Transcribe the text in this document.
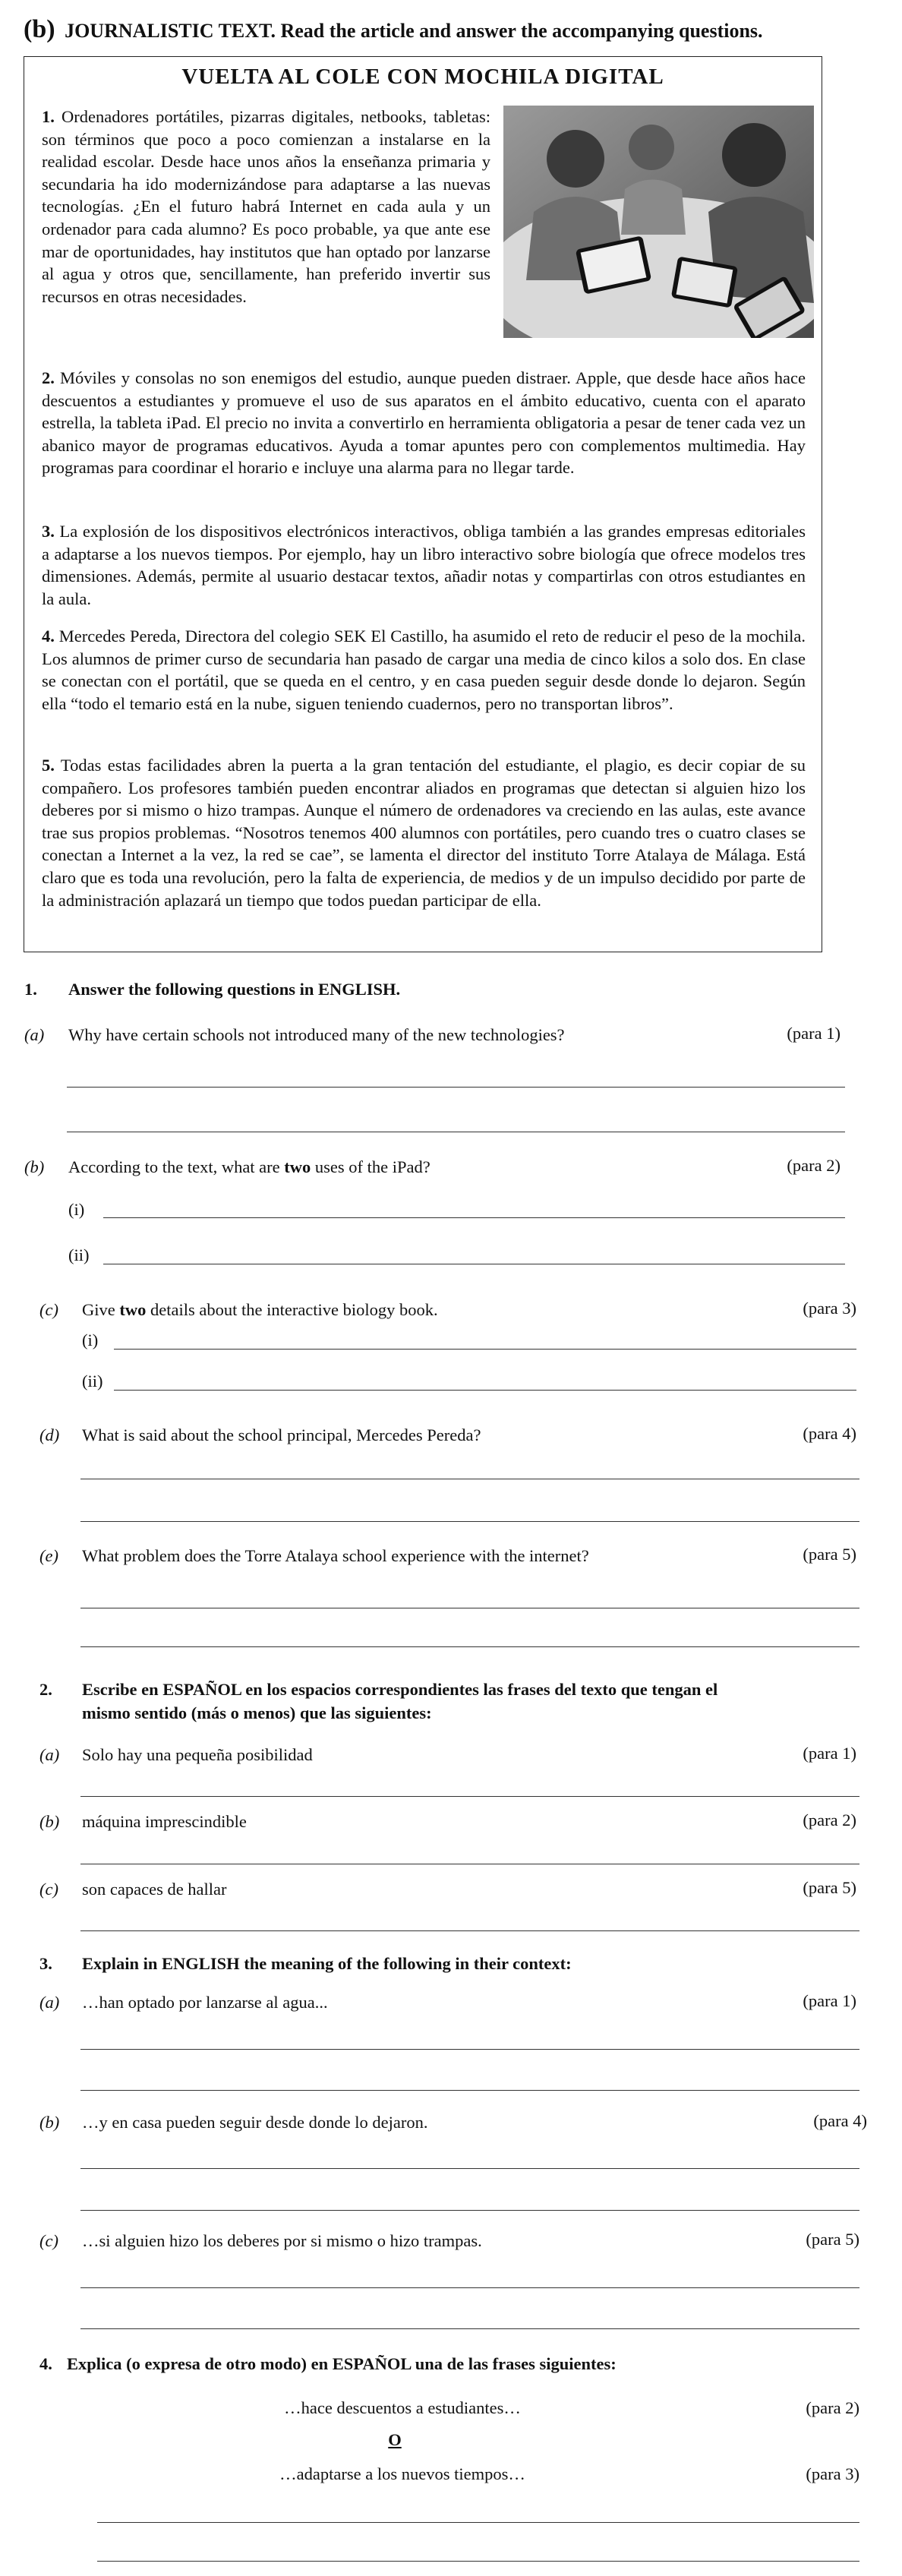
(b) JOURNALISTIC TEXT. Read the article and answer the accompanying questions.
VUELTA AL COLE CON MOCHILA DIGITAL
1. Ordenadores portátiles, pizarras digitales, netbooks, tabletas: son términos que poco a poco comienzan a instalarse en la realidad escolar. Desde hace unos años la enseñanza primaria y secundaria ha ido modernizándose para adaptarse a las nuevas tecnologías. ¿En el futuro habrá Internet en cada aula y un ordenador para cada alumno? Es poco probable, ya que ante ese mar de oportunidades, hay institutos que han optado por lanzarse al agua y otros que, sencillamente, han preferido invertir sus recursos en otras necesidades.
2. Móviles y consolas no son enemigos del estudio, aunque pueden distraer. Apple, que desde hace años hace descuentos a estudiantes y promueve el uso de sus aparatos en el ámbito educativo, cuenta con el aparato estrella, la tableta iPad. El precio no invita a convertirlo en herramienta obligatoria a pesar de tener cada vez un abanico mayor de programas educativos. Ayuda a tomar apuntes pero con complementos multimedia. Hay programas para coordinar el horario e incluye una alarma para no llegar tarde.
3. La explosión de los dispositivos electrónicos interactivos, obliga también a las grandes empresas editoriales a adaptarse a los nuevos tiempos. Por ejemplo, hay un libro interactivo sobre biología que ofrece modelos tres dimensiones. Además, permite al usuario destacar textos, añadir notas y compartirlas con otros estudiantes en la aula.
4. Mercedes Pereda, Directora del colegio SEK El Castillo, ha asumido el reto de reducir el peso de la mochila. Los alumnos de primer curso de secundaria han pasado de cargar una media de cinco kilos a solo dos. En clase se conectan con el portátil, que se queda en el centro, y en casa pueden seguir desde donde lo dejaron. Según ella “todo el temario está en la nube, siguen teniendo cuadernos, pero no transportan libros”.
5. Todas estas facilidades abren la puerta a la gran tentación del estudiante, el plagio, es decir copiar de su compañero. Los profesores también pueden encontrar aliados en programas que detectan si alguien hizo los deberes por si mismo o hizo trampas. Aunque el número de ordenadores va creciendo en las aulas, este avance trae sus propios problemas. “Nosotros tenemos 400 alumnos con portátiles, pero cuando tres o cuatro clases se conectan a Internet a la vez, la red se cae”, se lamenta el director del instituto Torre Atalaya de Málaga. Está claro que es toda una revolución, pero la falta de experiencia, de medios y de un impulso decidido por parte de la administración aplazará un tiempo que todos puedan participar de ella.
1. Answer the following questions in ENGLISH.
(a) Why have certain schools not introduced many of the new technologies?	(para 1)
(b) According to the text, what are two uses of the iPad?	(para 2)
(i)
(ii)
(c) Give two details about the interactive biology book.	(para 3)
(i)
(ii)
(d) What is said about the school principal, Mercedes Pereda?	(para 4)
(e) What problem does the Torre Atalaya school experience with the internet?	(para 5)
2. Escribe en ESPAÑOL en los espacios correspondientes las frases del texto que tengan el
mismo sentido (más o menos) que las siguientes:
(a) Solo hay una pequeña posibilidad	(para 1)
(b) máquina imprescindible	(para 2)
(c) son capaces de hallar	(para 5)
3. Explain in ENGLISH the meaning of the following in their context:
(a) …han optado por lanzarse al agua...	(para 1)
(b) …y en casa pueden seguir desde donde lo dejaron.	(para 4)
(c) …si alguien hizo los deberes por si mismo o hizo trampas.	(para 5)
4. Explica (o expresa de otro modo) en ESPAÑOL una de las frases siguientes:
…hace descuentos a estudiantes…	(para 2)
O
…adaptarse a los nuevos tiempos…	(para 3)
